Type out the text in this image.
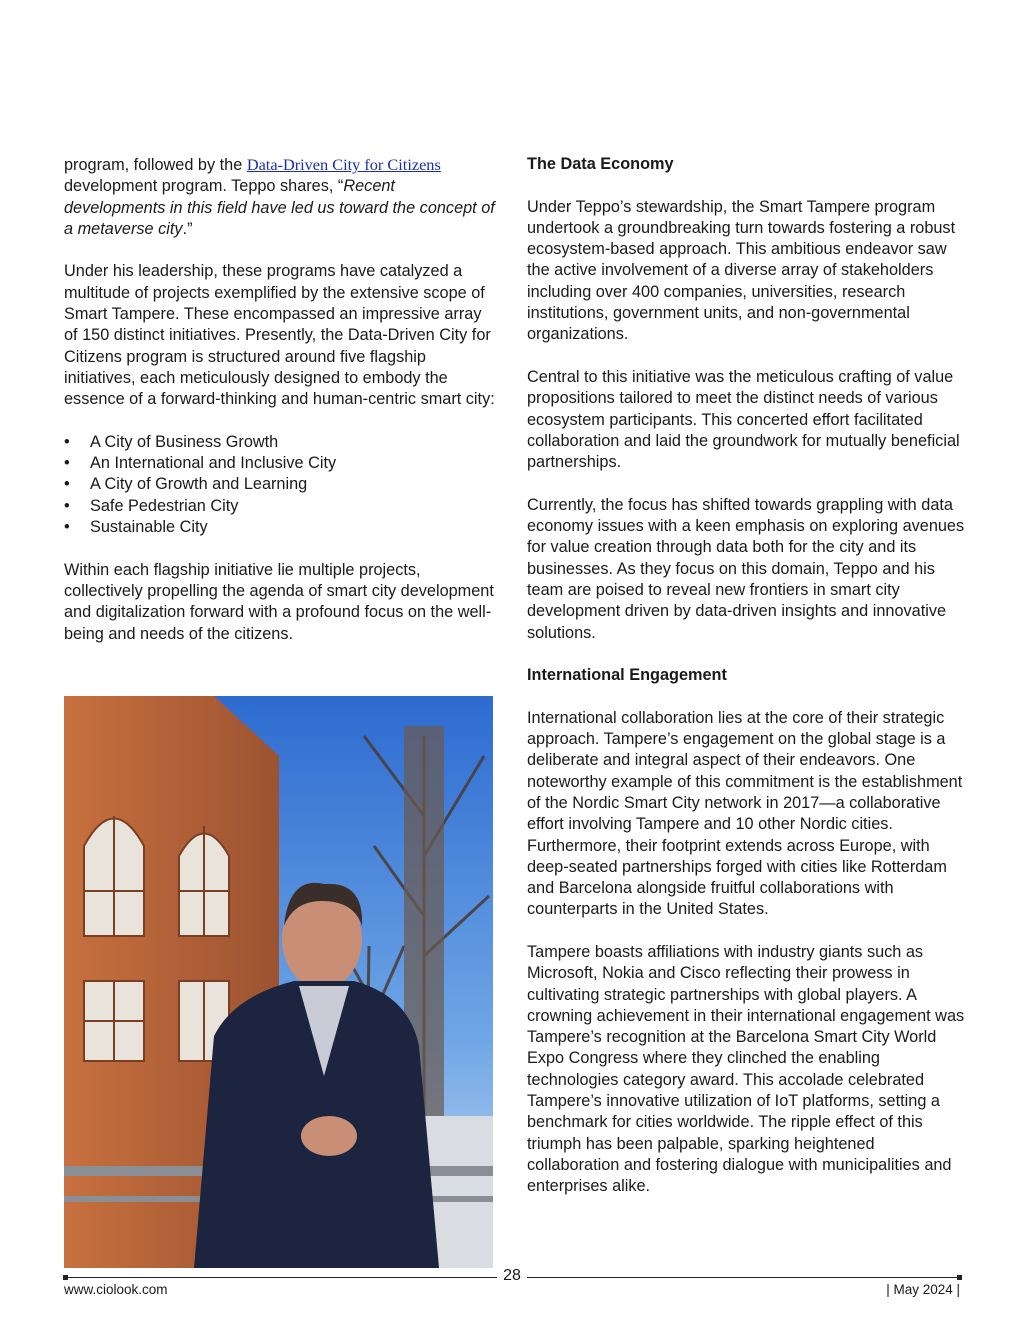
program, followed by the Data-Driven City for Citizens development program. Teppo shares, “Recent developments in this field have led us toward the concept of a metaverse city.”

Under his leadership, these programs have catalyzed a multitude of projects exemplified by the extensive scope of Smart Tampere. These encompassed an impressive array of 150 distinct initiatives. Presently, the Data-Driven City for Citizens program is structured around five flagship initiatives, each meticulously designed to embody the essence of a forward-thinking and human-centric smart city:

• A City of Business Growth
• An International and Inclusive City
• A City of Growth and Learning
• Safe Pedestrian City
• Sustainable City

Within each flagship initiative lie multiple projects, collectively propelling the agenda of smart city development and digitalization forward with a profound focus on the well-being and needs of the citizens.

The Data Economy

Under Teppo’s stewardship, the Smart Tampere program undertook a groundbreaking turn towards fostering a robust ecosystem-based approach. This ambitious endeavor saw the active involvement of a diverse array of stakeholders including over 400 companies, universities, research institutions, government units, and non-governmental organizations.

Central to this initiative was the meticulous crafting of value propositions tailored to meet the distinct needs of various ecosystem participants. This concerted effort facilitated collaboration and laid the groundwork for mutually beneficial partnerships.

Currently, the focus has shifted towards grappling with data economy issues with a keen emphasis on exploring avenues for value creation through data both for the city and its businesses. As they focus on this domain, Teppo and his team are poised to reveal new frontiers in smart city development driven by data-driven insights and innovative solutions.

International Engagement

International collaboration lies at the core of their strategic approach. Tampere’s engagement on the global stage is a deliberate and integral aspect of their endeavors. One noteworthy example of this commitment is the establishment of the Nordic Smart City network in 2017—a collaborative effort involving Tampere and 10 other Nordic cities. Furthermore, their footprint extends across Europe, with deep-seated partnerships forged with cities like Rotterdam and Barcelona alongside fruitful collaborations with counterparts in the United States.

Tampere boasts affiliations with industry giants such as Microsoft, Nokia and Cisco reflecting their prowess in cultivating strategic partnerships with global players. A crowning achievement in their international engagement was Tampere’s recognition at the Barcelona Smart City World Expo Congress where they clinched the enabling technologies category award. This accolade celebrated Tampere’s innovative utilization of IoT platforms, setting a benchmark for cities worldwide. The ripple effect of this triumph has been palpable, sparking heightened collaboration and fostering dialogue with municipalities and enterprises alike.

28
www.ciolook.com	| May 2024 |
